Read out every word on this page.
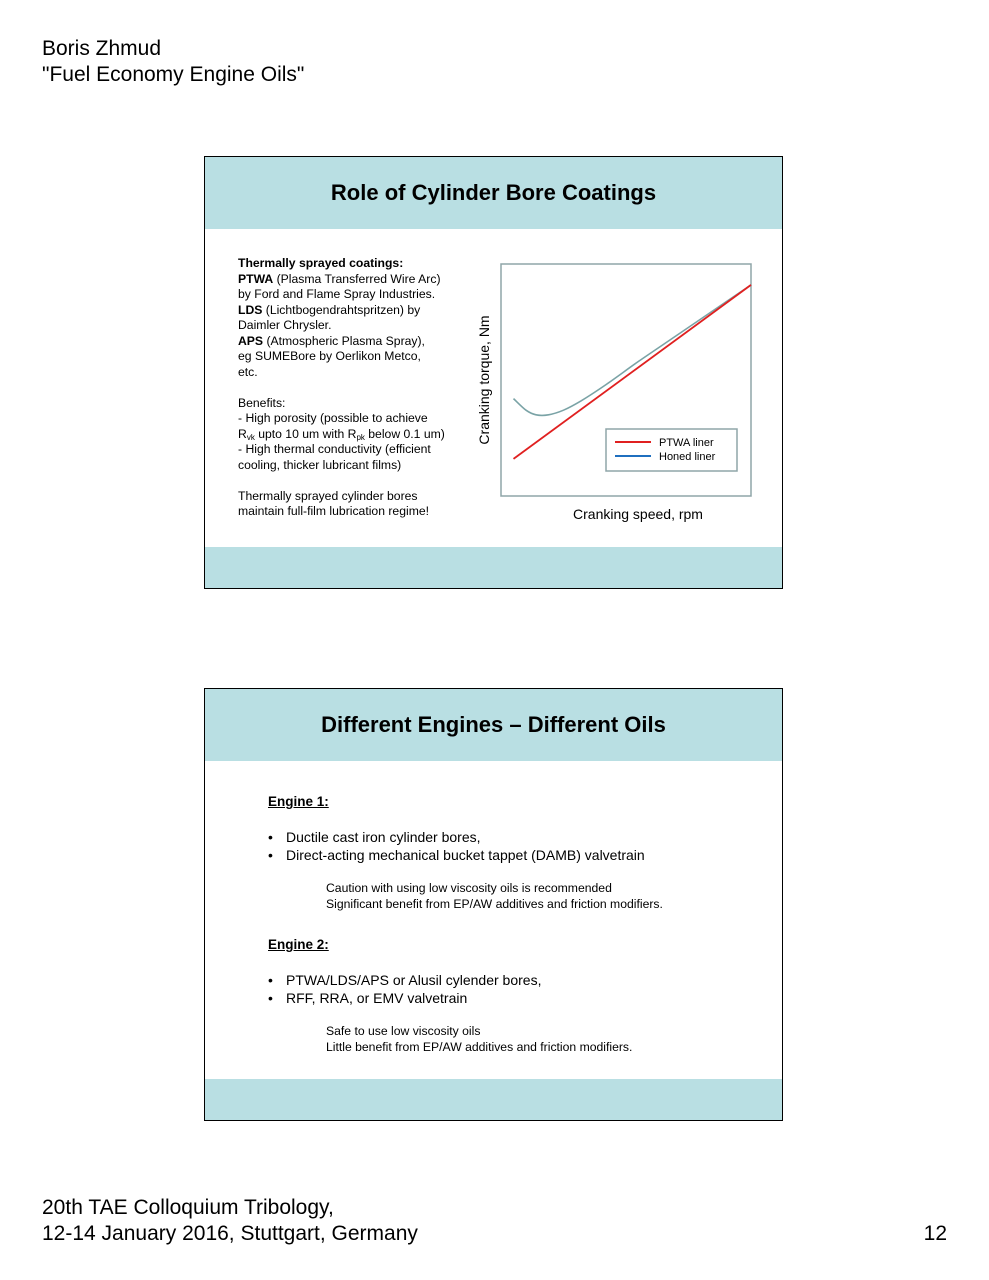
Boris Zhmud
"Fuel Economy Engine Oils"
Role of Cylinder Bore Coatings

Thermally sprayed coatings:

PTWA (Plasma Transferred Wire Arc)

by Ford and Flame Spray Industries.

LDS (Lichtbogendrahtspritzen) by

Daimler Chrysler.

APS (Atmospheric Plasma Spray),

eg SUMEBore by Oerlikon Metco,

etc.

Benefits:

- High porosity (possible to achieve

$R_{vk}$ upto 10 um with $R_{pk}$ below 0.1 um)

- High thermal conductivity (efficient

cooling, thicker lubricant films)

Thermally sprayed cylinder bores

maintain full-film lubrication regime!

Cranking torque, Nm
Cranking speed, rpm
PTWA liner
Honed liner
Different Engines – Different Oils
Engine 1:
• Ductile cast iron cylinder bores,
• Direct-acting mechanical bucket tappet (DAMB) valvetrain
Caution with using low viscosity oils is recommended
Significant benefit from EP/AW additives and friction modifiers.
Engine 2:
• PTWA/LDS/APS or Alusil cylender bores,
• RFF, RRA, or EMV valvetrain
Safe to use low viscosity oils
Little benefit from EP/AW additives and friction modifiers.
20th TAE Colloquium Tribology,
12-14 January 2016, Stuttgart, Germany	12
